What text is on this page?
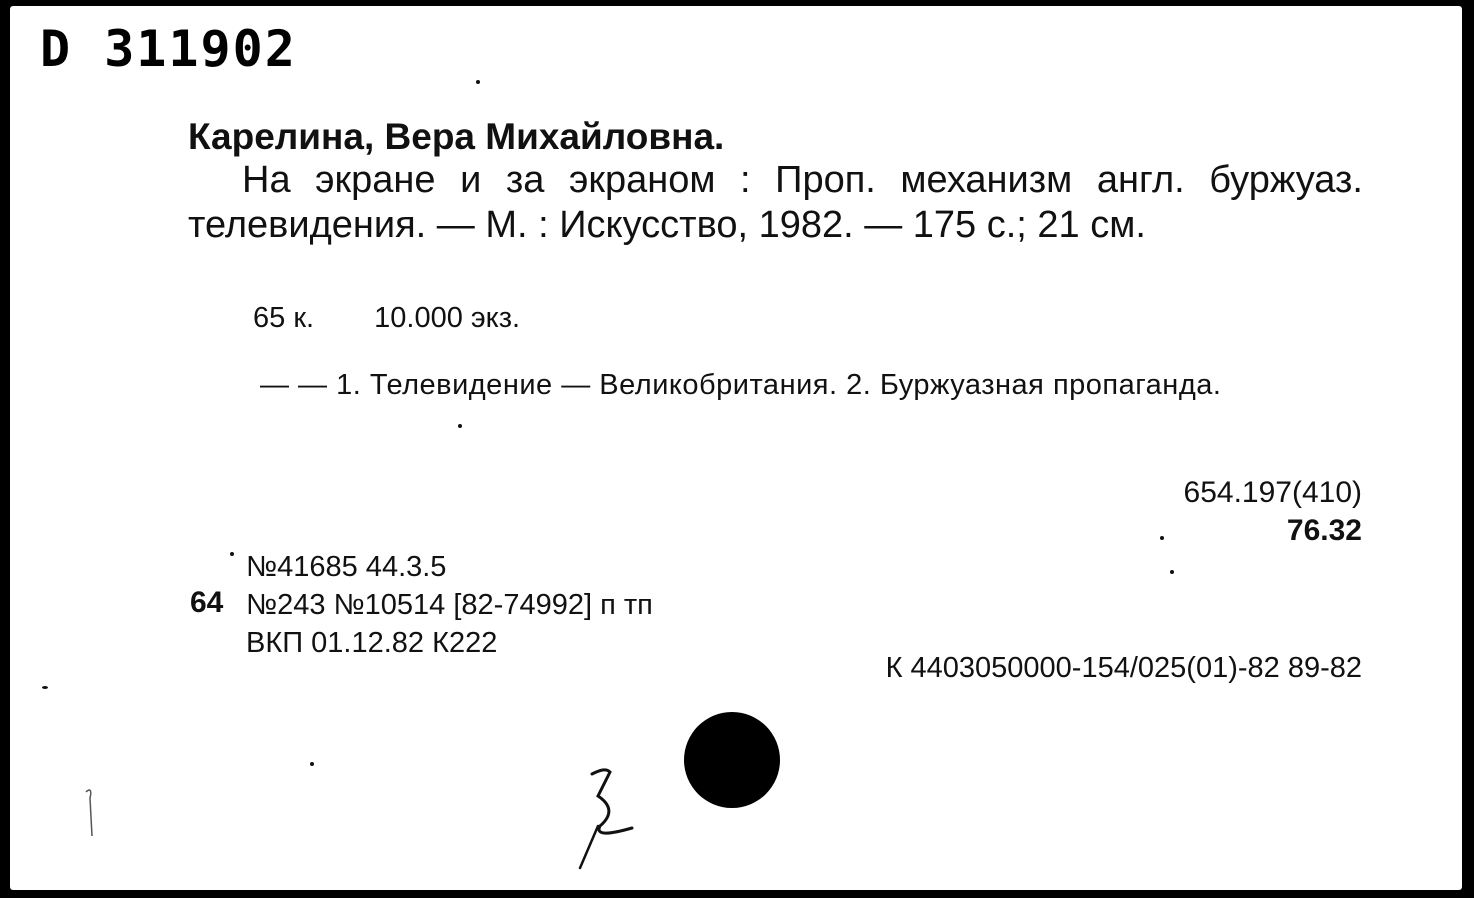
D 311902
Карелина, Вера Михайловна.
На экране и за экраном : Проп. механизм англ. буржуаз. телевидения. — М. : Искусство, 1982. — 175 с.; 21 см.
65 к. 10.000 экз.
— — 1. Телевидение — Великобритания. 2. Буржуазная пропаганда.
654.197(410)
76.32
64
№41685 44.3.5
№243 №10514 [82-74992] п тп
ВКП 01.12.82 К222
К 4403050000-154/025(01)-82 89-82
